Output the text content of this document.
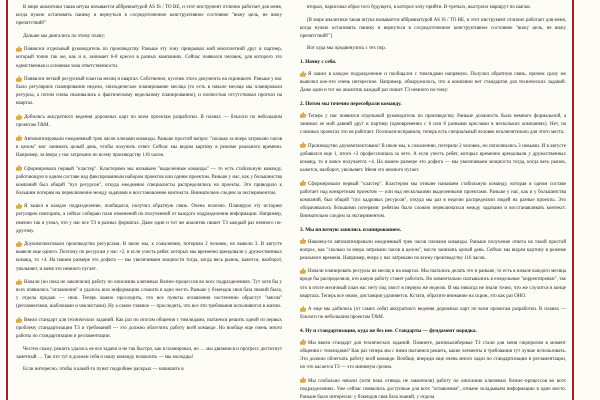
В мире аналитики такая штука называется аббревиатурой AS IS / TO BE, и этот инструмент отлично работает для меня, когда нужно остановить панику и вернуться в сосредоточенное конструктивное состояние "вижу цель, не вижу препятствий!"

Дальше мы двигались по этому плану:

Появился отдельный руководитель по производству. Раньше эту зону прикрывал мой многолетний друг и партнер, который точно так же, как и я, занимает 6-8 кресел в разных компаниях. Сейчас появился человек, для которого это единственная и основная зона ответственности.

Появился четкий ресурсный план на месяц и квартал. Собственно, кусочек этого документа на скриншоте. Раньше у нас было регулярное планирование недели, эпизодическое планирование месяца (то есть в начале месяца мы планировали ресурсы, а потом снова сваливались к фактическому недельному планированию), и полностью отсутствовал прогноз на квартал.

Добились аккуратного ведения дорожных карт по всем проектам разработки. В планах — бэклоги по небольшим проектам T&M.

Автоматизировали ежедневный трек часов членами команды. Раньше простой вопрос "сколько за вчера затрекано часов в целом" мог занимать целый день, чтобы получить ответ. Сейчас мы видим картину в режиме реального времени. Например, за вчера у нас затрекано по всему производству 116 часов.

Сформировали первый "кластер". Кластерами мы называем "выделенные команды" — то есть стабильную команду, работающую в одном составе над фиксированным набором проектов или одним проектом. Раньше у нас, как у большинства компаний был общий "пул ресурсов", откуда ежедневно специалисты распределялись на проекты. Это приводило к большим потерям на переключение между задачами и восстановление контекста. Внимательно следим за экспериментом.

Я зашел в каждое подразделение, пообщался, получил обратную связь. Очень полезно. Планирую эту историю регулярно повторять, а сейчас собираю план изменений по полученной от каждого подразделения информации. Например, именно так я узнал, что у нас все ТЗ в разных форматах. Даже один и тот же аналитик пишет ТЗ каждый раз немного по-другому.

Доукомплектовали производство ресурсами. В июле мы, к сожалению, потеряли 2 человек, но вывели 3. В августе вывели еще одного. Поэтому по ресурсам у нас +2, и если учесть ребят, которых мы временно арендовали у дружественных команд, то +4. На нашем размере это дофига — мы увеличиваем мощности тогда, когда весь рынок, кажется, наоборот, увольняет, и меня это немного пугает.

Начали (но пока не закончили) работу по описанию ключевых бизнес-процессов во всех подразделениях. Тут хотя бы у всех появились "оглавления" и удалось всю информацию сложить в одно место. Раньше у бэкендов своя база знаний была, у отдела продаж — своя. Теперь важно проследить, что все пункты оглавления постепенно обрастут "мясом" (регламентами, шаблонами и чеклистами). Ну а самое главное — проследить, что все эти требования исполняются в жизни.

Ввели стандарт для технических заданий. Как раз по итогам общения с тимлидами, пытаемся решить одной из первых проблему стандартизации ТЗ и требований — это должно облегчить работу всей команде. Но вообще еще очень много работы по стандартизации и регламентации.

Честно скажу, решить удалось не все задачи и не так быстро, как я планировал, но … мы движемся и прогресс достигнут заметный … Так что тут я должен себя и нашу команду похвалить — мы молодцы!

Если интересно, чтобы я какой-то пункт подробнее раскрыл — напишите в

вторых, нарисовал образ того будущего, в которое хочу прийти. В-третьих, выстроил маршрут по шагам.

[В мире аналитики такая штука называется аббревиатурой AS IS / TO BE, и этот инструмент отлично работает для меня, когда нужно остановить панику и вернуться в сосредоточенное конструктивное состояние "вижу цель, не вижу препятствий!"]

Вот куда мы продвинулись с тех пор.

1. Начну с себя.

Я зашел в каждое подразделение и пообщался с тимлидами напрямую. Получил обратную связь, причем сразу же выяснил кое-что очень интересное. Например, обнаружилось, что в компании нет стандартов для технических заданий. Даже один и тот же аналитик каждый раз пишет ТЗ немного по-тому:

2. Потом мы точечно пересобрали команду.

Теперь у нас появился отдельный руководитель по производству. Раньше должность была немного формальной, а занимал ее мой давний друг и партнер (одновременно с 6 или 8 разными креслами в нескольких компаниях). Нет, на сложных проектах это не работает. Осознали-исправили, теперь есть специальный человек исключительно для этого места.

Производство доукомплектовано! В июле мы, к сожалению, потеряли 2 человек, но пополнились 3 новыми. И в августе добавился еще 1, итого +2 профессионала за лето. А если учесть ребят, которых временно арендовали у дружественных команд, то и вовсе получается +4. На нашем размере это дофига — мы увеличиваем мощности тогда, когда весь рынок, кажется, наоборот, увольняет. Меня это немного пугает.

Сформировали первый "кластер". Кластером мы отныне называем стабильную команду, которая в одном составе работает над конкретным проектом — или над несколькими выделенными проектами. Раньше у нас, как и у большинства компаний, был общий "пул кадровых ресурсов", откуда мы раз в неделю распределяли людей на разные проекты. Это оборачивалось большими потерями: ребятам было сложно переключаться между задачами и восстанавливать контекст. Внимательно следим за экспериментом.

3. Мы вплотную занялись планированием.

Наконец-то автоматизировали ежедневный трек часов членами команды. Раньше получение ответа на такой простой вопрос, как "сколько за вчера затрекано часов в целом", могло занимать целый день. Сейчас мы видим картину в режиме реального времени. Например, вчера у нас затрекано по всему производству 116 часов.

Начали планировать ресурсы на месяц и на квартал. Мы пытались делать это и раньше, то есть в начале каждого месяца вроде бы распределяли, кто какую работу станет работать. Но моментально скатывались в ежедельные "корректировки", так что в итоге месячный план нас нету под хвост в первую же неделю. И мы никогда не знали точно, что же случится в конце квартала. Теперь все иначе, дистанция удлиняется. Кстати, обратите внимание на скрин, это как раз ОНО.

А еще мы добились (от самих себя) аккуратного ведения дорожных карт по всем проектам разработки. В планах — бэклоги по небольшим проектам T&M.

4. Ну и стандартизация, куда же без нее. Стандарты — фундамент порядка.

Мы ввели стандарт для технических заданий. Помните, разнокалиберные ТЗ стали для меня сюрпризом в момент общения с тимлидами? Как раз теперь мы с ними пытаемся решить, какие элементы и требования тут лучше использовать. Это должно облегчать работу всей команде. Вообще, впереди еще очень много задач по стандартизации и регламентации, но что касается ТЗ — это минимум срочно.

Мы глобально начали (хотя пока отнюдь не закончили) работу по описанию ключевых бизнес-процессов во всех подразделениях. Уже сейчас появились доступные для всех "оглавления", отныне складываем информацию в одно место. Раньше было интересно: у бэкендов своя база знаний, у отдела
